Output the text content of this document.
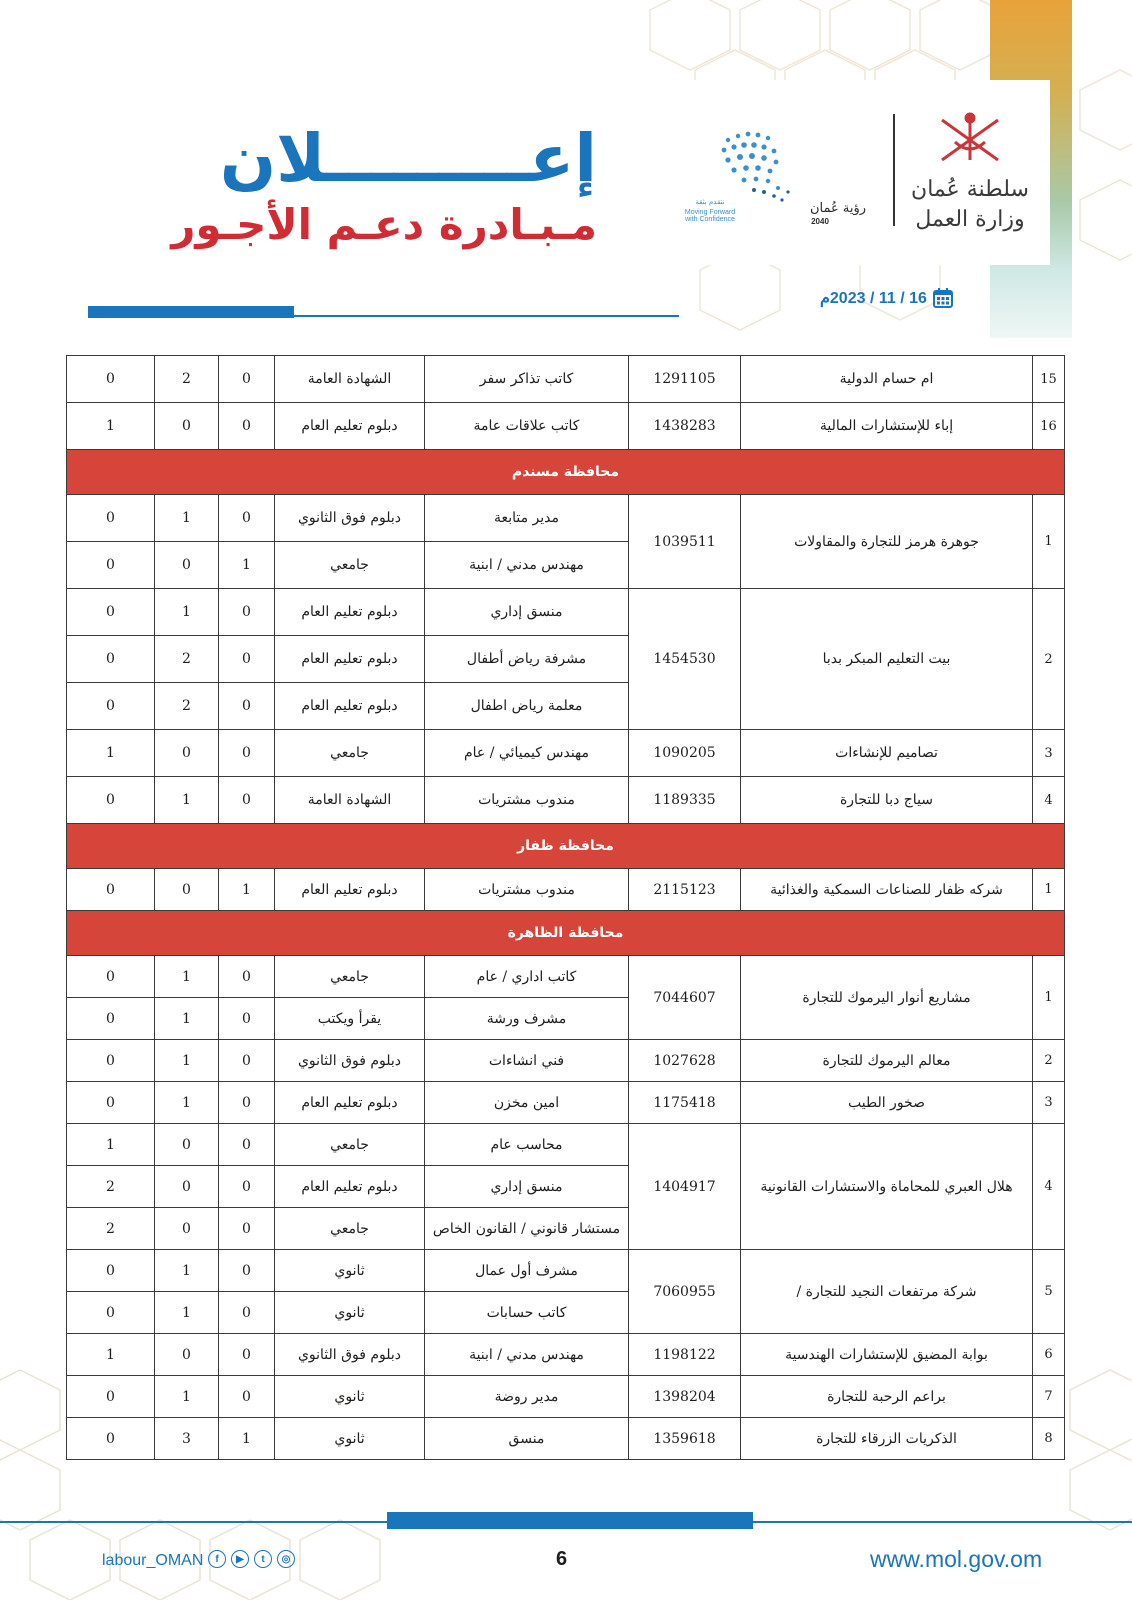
سلطنة عُمان
وزارة العمل
رؤية عُمان
2040
نتقدم بثقة
Moving Forward
with Confidence
إعـــــــــلان
مـبـادرة دعـم الأجـور
16 / 11 / 2023م
15	ام حسام الدولية	1291105	كاتب تذاكر سفر	الشهادة العامة	0	2	0
16	إباء للإستشارات المالية	1438283	كاتب علاقات عامة	دبلوم تعليم العام	0	0	1
محافظة مسندم							
1	جوهرة هرمز للتجارة والمقاولات	1039511	مدير متابعة	دبلوم فوق الثانوي	0	1	0
			مهندس مدني / ابنية	جامعي	1	0	0
2	بيت التعليم المبكر بدبا	1454530	منسق إداري	دبلوم تعليم العام	0	1	0
			مشرفة رياض أطفال	دبلوم تعليم العام	0	2	0
			معلمة رياض اطفال	دبلوم تعليم العام	0	2	0
3	تصاميم للإنشاءات	1090205	مهندس كيميائي / عام	جامعي	0	0	1
4	سياج دبا للتجارة	1189335	مندوب مشتريات	الشهادة العامة	0	1	0
محافظة ظفار							
1	شركه ظفار للصناعات السمكية والغذائية	2115123	مندوب مشتريات	دبلوم تعليم العام	1	0	0
محافظة الظاهرة							
1	مشاريع أنوار اليرموك للتجارة	7044607	كاتب اداري / عام	جامعي	0	1	0
			مشرف ورشة	يقرأ ويكتب	0	1	0
2	معالم اليرموك للتجارة	1027628	فني انشاءات	دبلوم فوق الثانوي	0	1	0
3	صخور الطيب	1175418	امين مخزن	دبلوم تعليم العام	0	1	0
4	هلال العبري للمحاماة والاستشارات القانونية	1404917	محاسب عام	جامعي	0	0	1
			منسق إداري	دبلوم تعليم العام	0	0	2
			مستشار قانوني / القانون الخاص	جامعي	0	0	2
5	شركة مرتفعات النجيد للتجارة /	7060955	مشرف أول عمال	ثانوي	0	1	0
			كاتب حسابات	ثانوي	0	1	0
6	بوابة المضيق للإستشارات الهندسية	1198122	مهندس مدني / ابنية	دبلوم فوق الثانوي	0	0	1
7	براعم الرحبة للتجارة	1398204	مدير روضة	ثانوي	0	1	0
8	الذكريات الزرقاء للتجارة	1359618	منسق	ثانوي	1	3	0
labour_OMAN	f	▶	t	◎	6	www.mol.gov.om
